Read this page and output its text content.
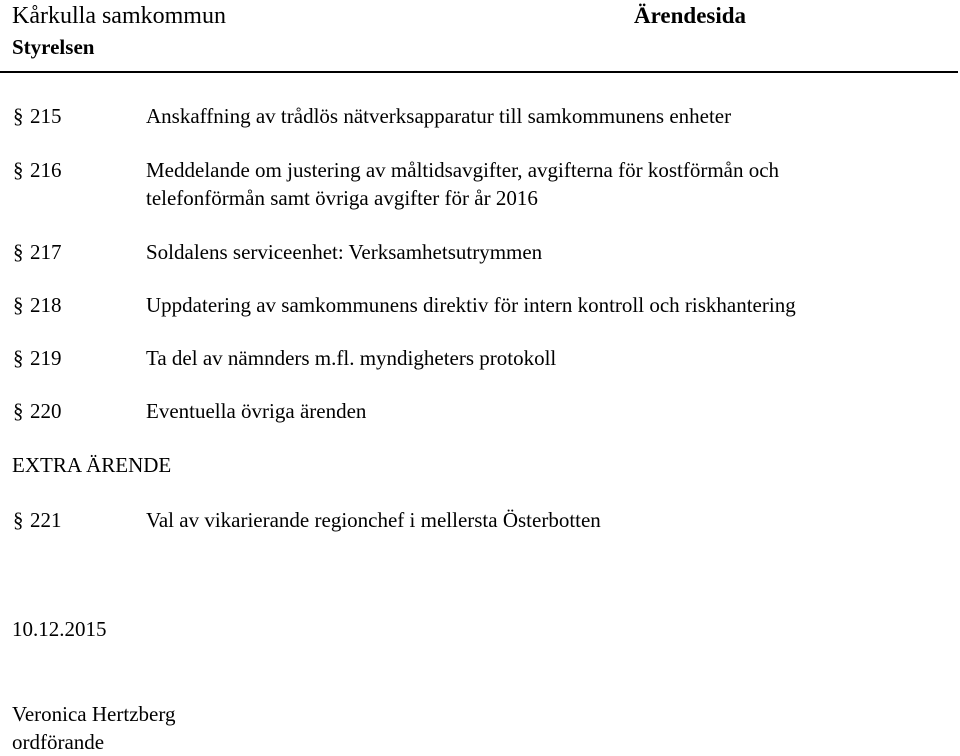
Kårkulla samkommun
Styrelsen
Ärendesida
§ 215	Anskaffning av trådlös nätverksapparatur till samkommunens enheter
§ 216	Meddelande om justering av måltidsavgifter, avgifterna för kostförmån och
telefonförmån samt övriga avgifter för år 2016
§ 217	Soldalens serviceenhet: Verksamhetsutrymmen
§ 218	Uppdatering av samkommunens direktiv för intern kontroll och riskhantering
§ 219	Ta del av nämnders m.fl. myndigheters protokoll
§ 220	Eventuella övriga ärenden
§ 221	Val av vikarierande regionchef i mellersta Österbotten
EXTRA ÄRENDE
10.12.2015
Veronica Hertzberg
ordförande
